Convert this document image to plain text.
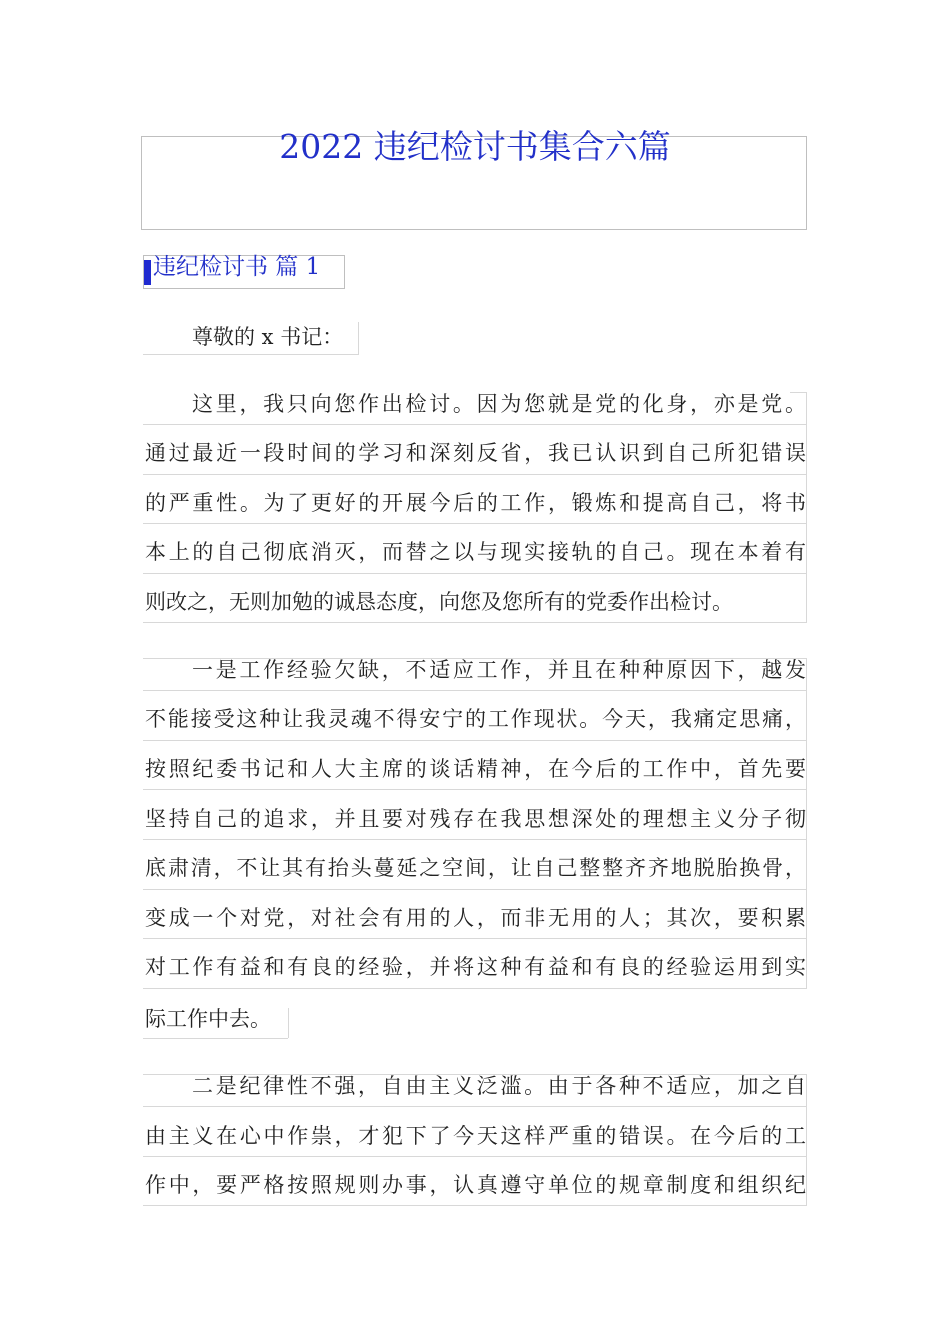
2022 违纪检讨书集合六篇
违纪检讨书 篇 1
尊敬的 x 书记：
这里，我只向您作出检讨。因为您就是党的化身，亦是党。
通过最近一段时间的学习和深刻反省，我已认识到自己所犯错误
的严重性。为了更好的开展今后的工作，锻炼和提高自己，将书
本上的自己彻底消灭，而替之以与现实接轨的自己。现在本着有
则改之，无则加勉的诚恳态度，向您及您所有的党委作出检讨。
一是工作经验欠缺，不适应工作，并且在种种原因下，越发
不能接受这种让我灵魂不得安宁的工作现状。今天，我痛定思痛，
按照纪委书记和人大主席的谈话精神，在今后的工作中，首先要
坚持自己的追求，并且要对残存在我思想深处的理想主义分子彻
底肃清，不让其有抬头蔓延之空间，让自己整整齐齐地脱胎换骨，
变成一个对党，对社会有用的人，而非无用的人；其次，要积累
对工作有益和有良的经验，并将这种有益和有良的经验运用到实
际工作中去。
二是纪律性不强，自由主义泛滥。由于各种不适应，加之自
由主义在心中作祟，才犯下了今天这样严重的错误。在今后的工
作中，要严格按照规则办事，认真遵守单位的规章制度和组织纪
